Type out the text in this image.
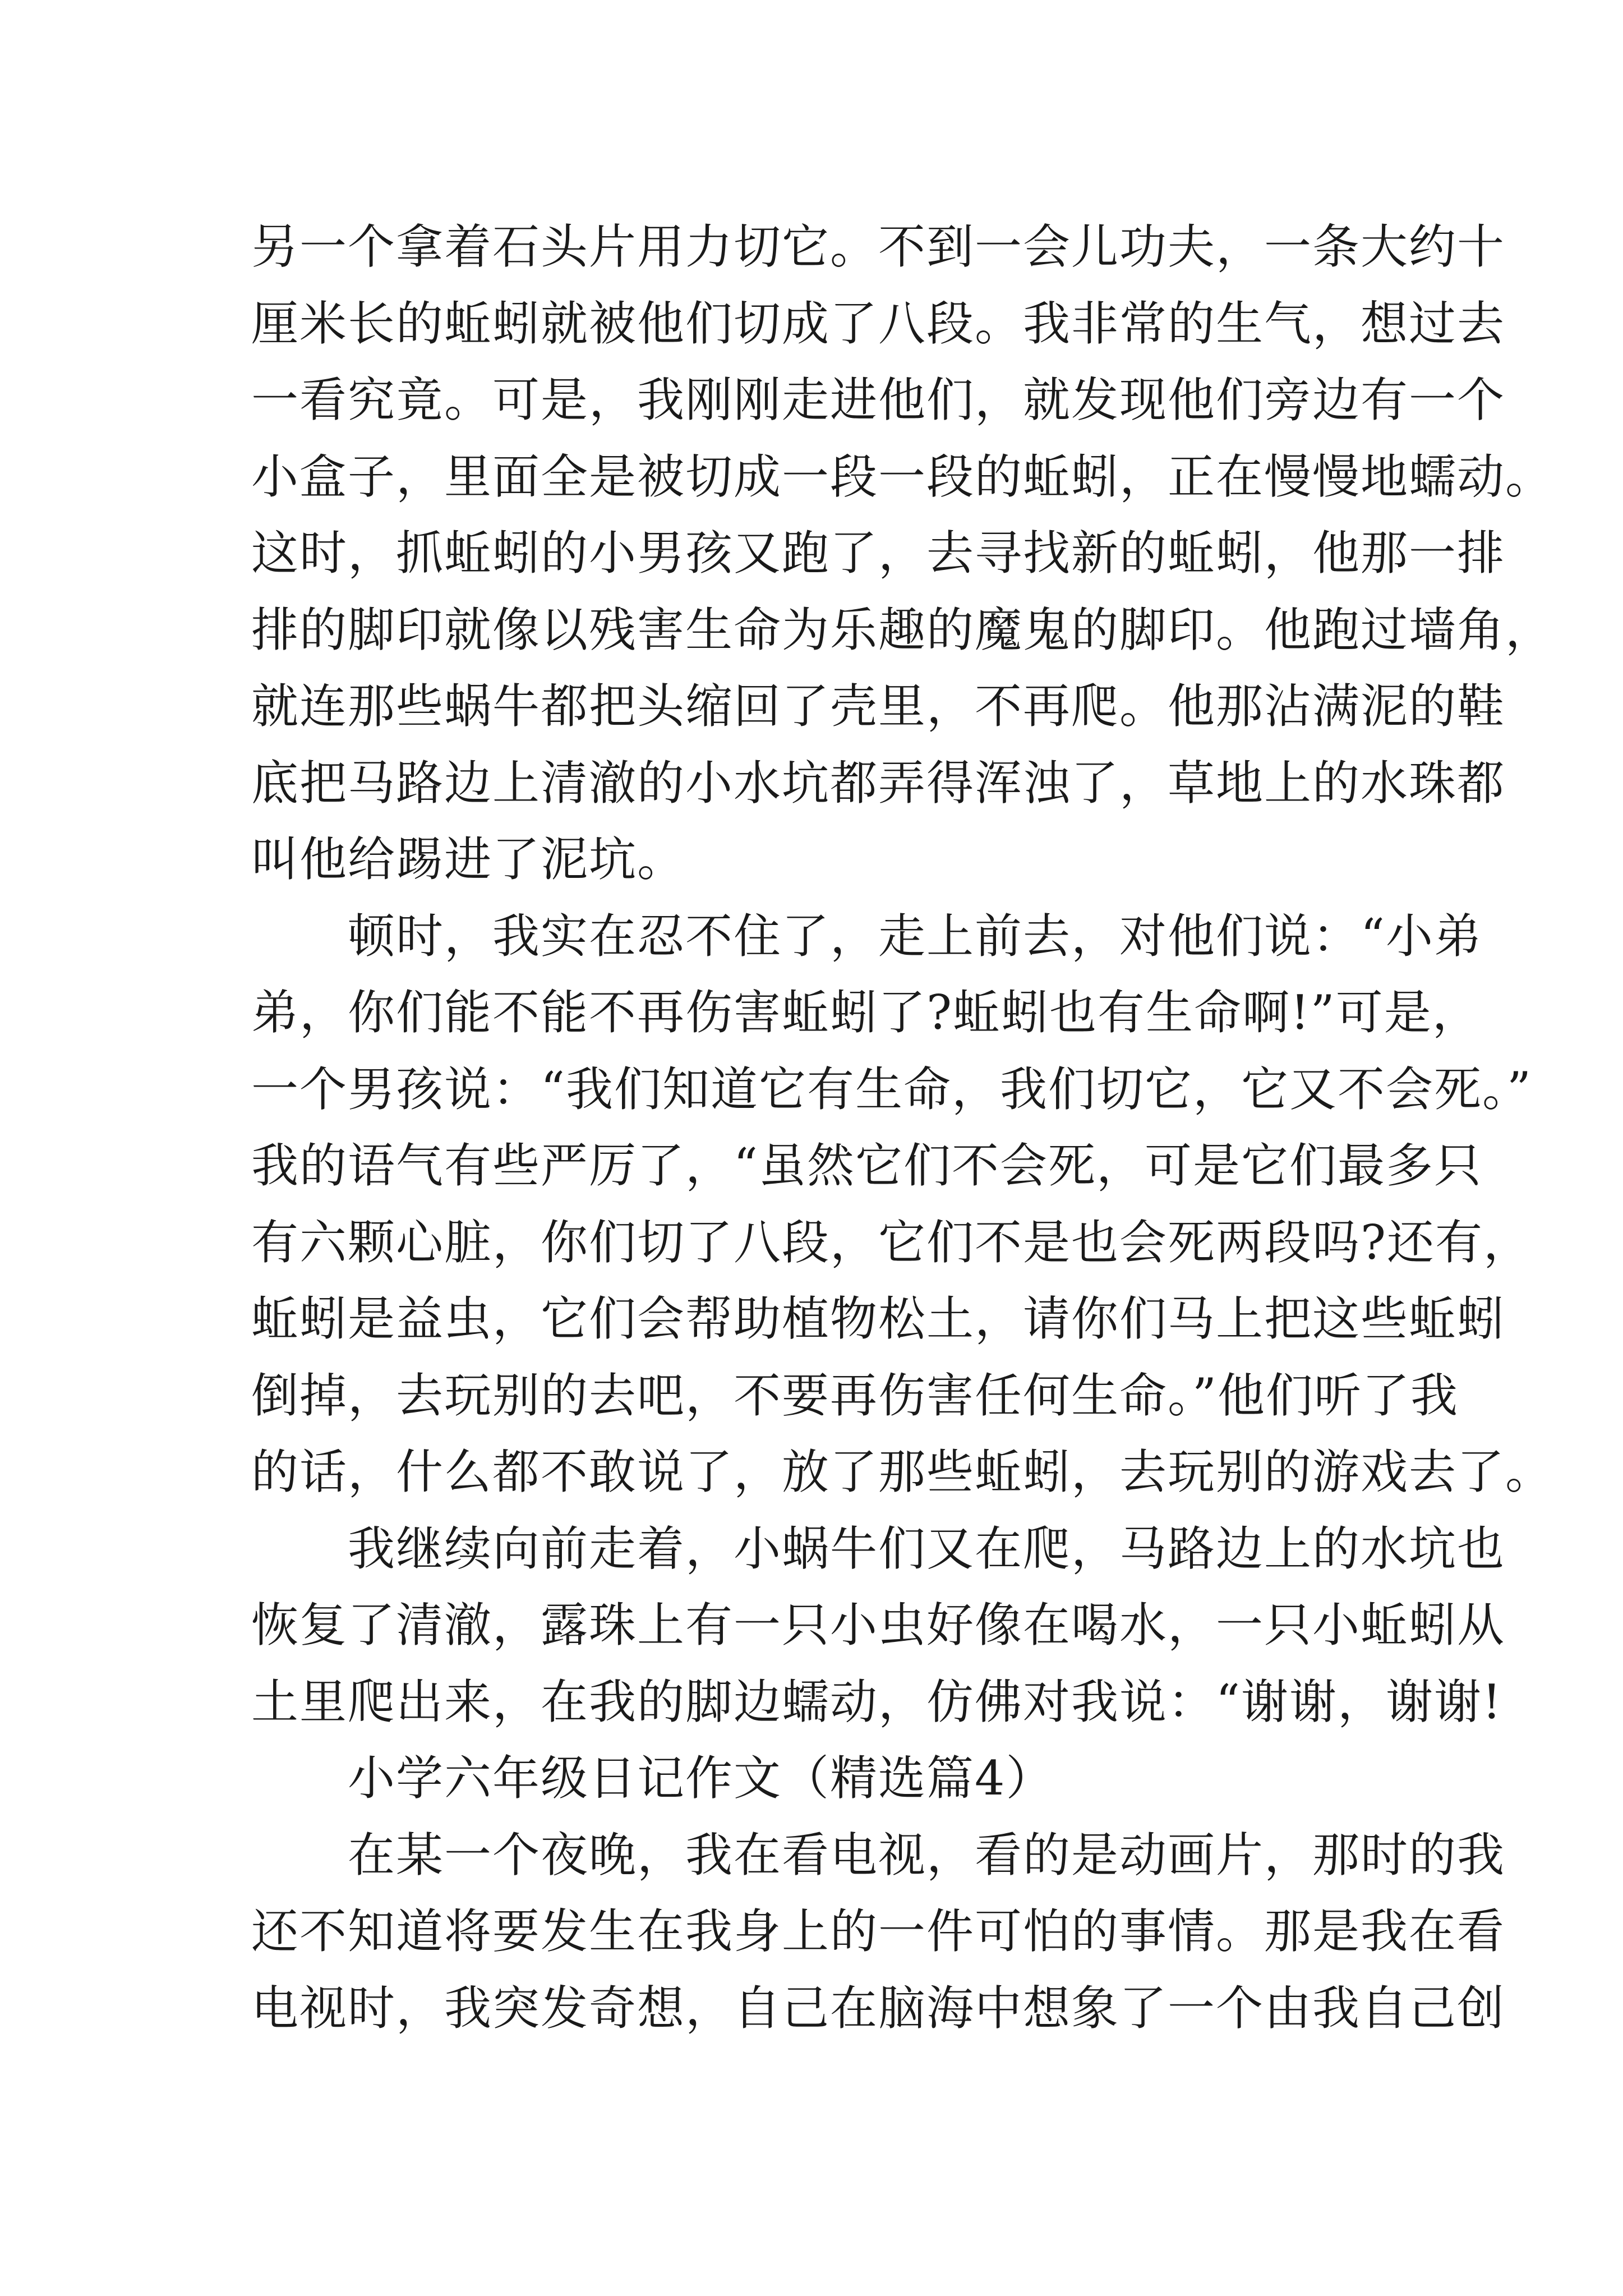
另一个拿着石头片用力切它。不到一会儿功夫，一条大约十
厘米长的蚯蚓就被他们切成了八段。我非常的生气，想过去
一看究竟。可是，我刚刚走进他们，就发现他们旁边有一个
小盒子，里面全是被切成一段一段的蚯蚓，正在慢慢地蠕动。
这时，抓蚯蚓的小男孩又跑了，去寻找新的蚯蚓，他那一排
排的脚印就像以残害生命为乐趣的魔鬼的脚印。他跑过墙角，
就连那些蜗牛都把头缩回了壳里，不再爬。他那沾满泥的鞋
底把马路边上清澈的小水坑都弄得浑浊了，草地上的水珠都
叫他给踢进了泥坑。
　　顿时，我实在忍不住了，走上前去，对他们说：“小弟
弟，你们能不能不再伤害蚯蚓了?蚯蚓也有生命啊!”可是，
一个男孩说：“我们知道它有生命，我们切它，它又不会死。”
我的语气有些严厉了，“虽然它们不会死，可是它们最多只
有六颗心脏，你们切了八段，它们不是也会死两段吗?还有，
蚯蚓是益虫，它们会帮助植物松土，请你们马上把这些蚯蚓
倒掉，去玩别的去吧，不要再伤害任何生命。”他们听了我
的话，什么都不敢说了，放了那些蚯蚓，去玩别的游戏去了。
　　我继续向前走着，小蜗牛们又在爬，马路边上的水坑也
恢复了清澈，露珠上有一只小虫好像在喝水，一只小蚯蚓从
土里爬出来，在我的脚边蠕动，仿佛对我说：“谢谢，谢谢!
　　小学六年级日记作文（精选篇4）
　　在某一个夜晚，我在看电视，看的是动画片，那时的我
还不知道将要发生在我身上的一件可怕的事情。那是我在看
电视时，我突发奇想，自己在脑海中想象了一个由我自己创
